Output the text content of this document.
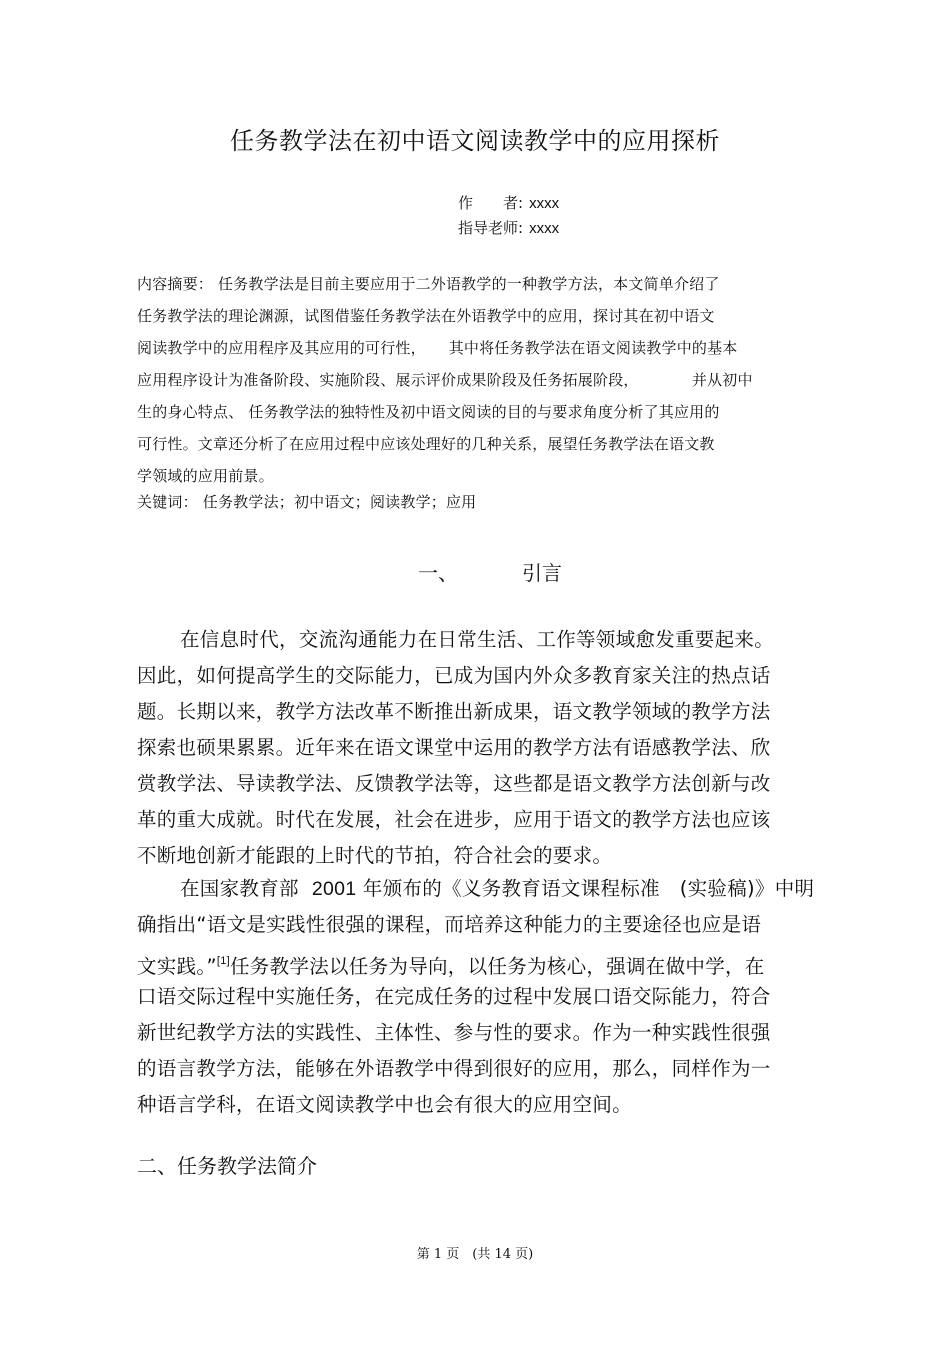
任务教学法在初中语文阅读教学中的应用探析
作　　者: xxxx
指导老师: xxxx
内容摘要： 任务教学法是目前主要应用于二外语教学的一种教学方法，本文简单介绍了
任务教学法的理论渊源，试图借鉴任务教学法在外语教学中的应用，探讨其在初中语文
阅读教学中的应用程序及其应用的可行性，　　其中将任务教学法在语文阅读教学中的基本
应用程序设计为准备阶段、实施阶段、展示评价成果阶段及任务拓展阶段，　　　　并从初中
生的身心特点、 任务教学法的独特性及初中语文阅读的目的与要求角度分析了其应用的
可行性。文章还分析了在应用过程中应该处理好的几种关系，展望任务教学法在语文教
学领域的应用前景。
关键词： 任务教学法；初中语文；阅读教学；应用
一、	引言
在信息时代，交流沟通能力在日常生活、工作等领域愈发重要起来。
因此，如何提高学生的交际能力，已成为国内外众多教育家关注的热点话
题。长期以来，教学方法改革不断推出新成果，语文教学领域的教学方法
探索也硕果累累。近年来在语文课堂中运用的教学方法有语感教学法、欣
赏教学法、导读教学法、反馈教学法等，这些都是语文教学方法创新与改
革的重大成就。时代在发展，社会在进步，应用于语文的教学方法也应该
不断地创新才能跟的上时代的节拍，符合社会的要求。
在国家教育部 2001 年颁布的《义务教育语文课程标准　(实验稿)》中明
确指出“语文是实践性很强的课程，而培养这种能力的主要途径也应是语
文实践。”[1]任务教学法以任务为导向，以任务为核心，强调在做中学，在
口语交际过程中实施任务，在完成任务的过程中发展口语交际能力，符合
新世纪教学方法的实践性、主体性、参与性的要求。作为一种实践性很强
的语言教学方法，能够在外语教学中得到很好的应用，那么，同样作为一
种语言学科，在语文阅读教学中也会有很大的应用空间。
二、任务教学法简介
第 1 页　(共 14 页)
